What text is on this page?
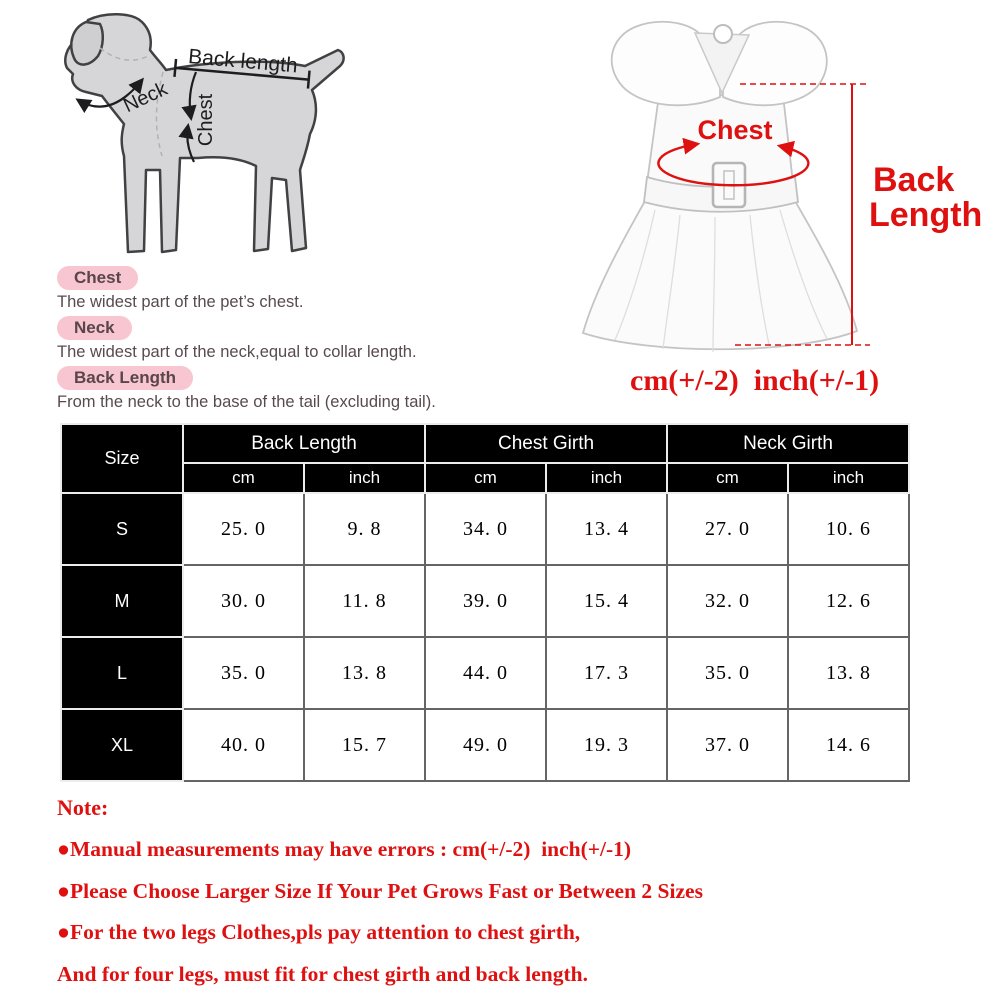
Back length
Neck Chest	Chest
Back
Length
cm(+/-2)  inch(+/-1)
Chest
The widest part of the pet’s chest.
Neck
The widest part of the neck,equal to collar length.
Back Length
From the neck to the base of the tail (excluding tail).
Size	Back Length		Chest Girth		Neck Girth	
	cm	inch	cm	inch	cm	inch
S	25. 0	9. 8	34. 0	13. 4	27. 0	10. 6
M	30. 0	11. 8	39. 0	15. 4	32. 0	12. 6
L	35. 0	13. 8	44. 0	17. 3	35. 0	13. 8
XL	40. 0	15. 7	49. 0	19. 3	37. 0	14. 6
Note:
●Manual measurements may have errors : cm(+/-2)  inch(+/-1)
●Please Choose Larger Size If Your Pet Grows Fast or Between 2 Sizes
●For the two legs Clothes,pls pay attention to chest girth,
And for four legs, must fit for chest girth and back length.
